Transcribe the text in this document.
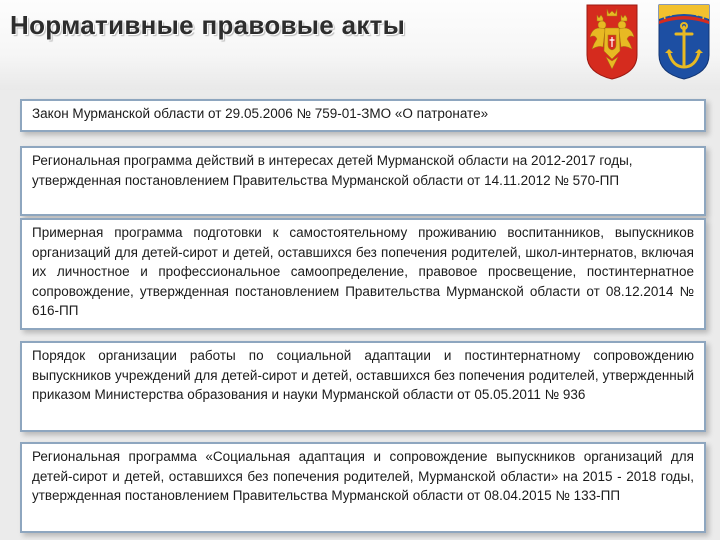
Нормативные правовые акты

Закон Мурманской области от 29.05.2006 № 759-01-ЗМО «О патронате»

Региональная программа действий в интересах детей Мурманской области на 2012-2017 годы, утвержденная постановлением Правительства Мурманской области от 14.11.2012 № 570-ПП

Примерная программа подготовки к самостоятельному проживанию воспитанников, выпускников организаций для детей-сирот и детей, оставшихся без попечения родителей, школ-интернатов, включая их личностное и профессиональное самоопределение, правовое просвещение, постинтернатное сопровождение, утвержденная постановлением Правительства Мурманской области от 08.12.2014 № 616-ПП

Порядок организации работы по социальной адаптации и постинтернатному сопровождению выпускников учреждений для детей-сирот и детей, оставшихся без попечения родителей, утвержденный приказом Министерства образования и науки Мурманской области от 05.05.2011 № 936

Региональная программа «Социальная адаптация и сопровождение выпускников организаций для детей-сирот и детей, оставшихся без попечения родителей, Мурманской области» на 2015 - 2018 годы, утвержденная постановлением Правительства Мурманской области от 08.04.2015 № 133-ПП
